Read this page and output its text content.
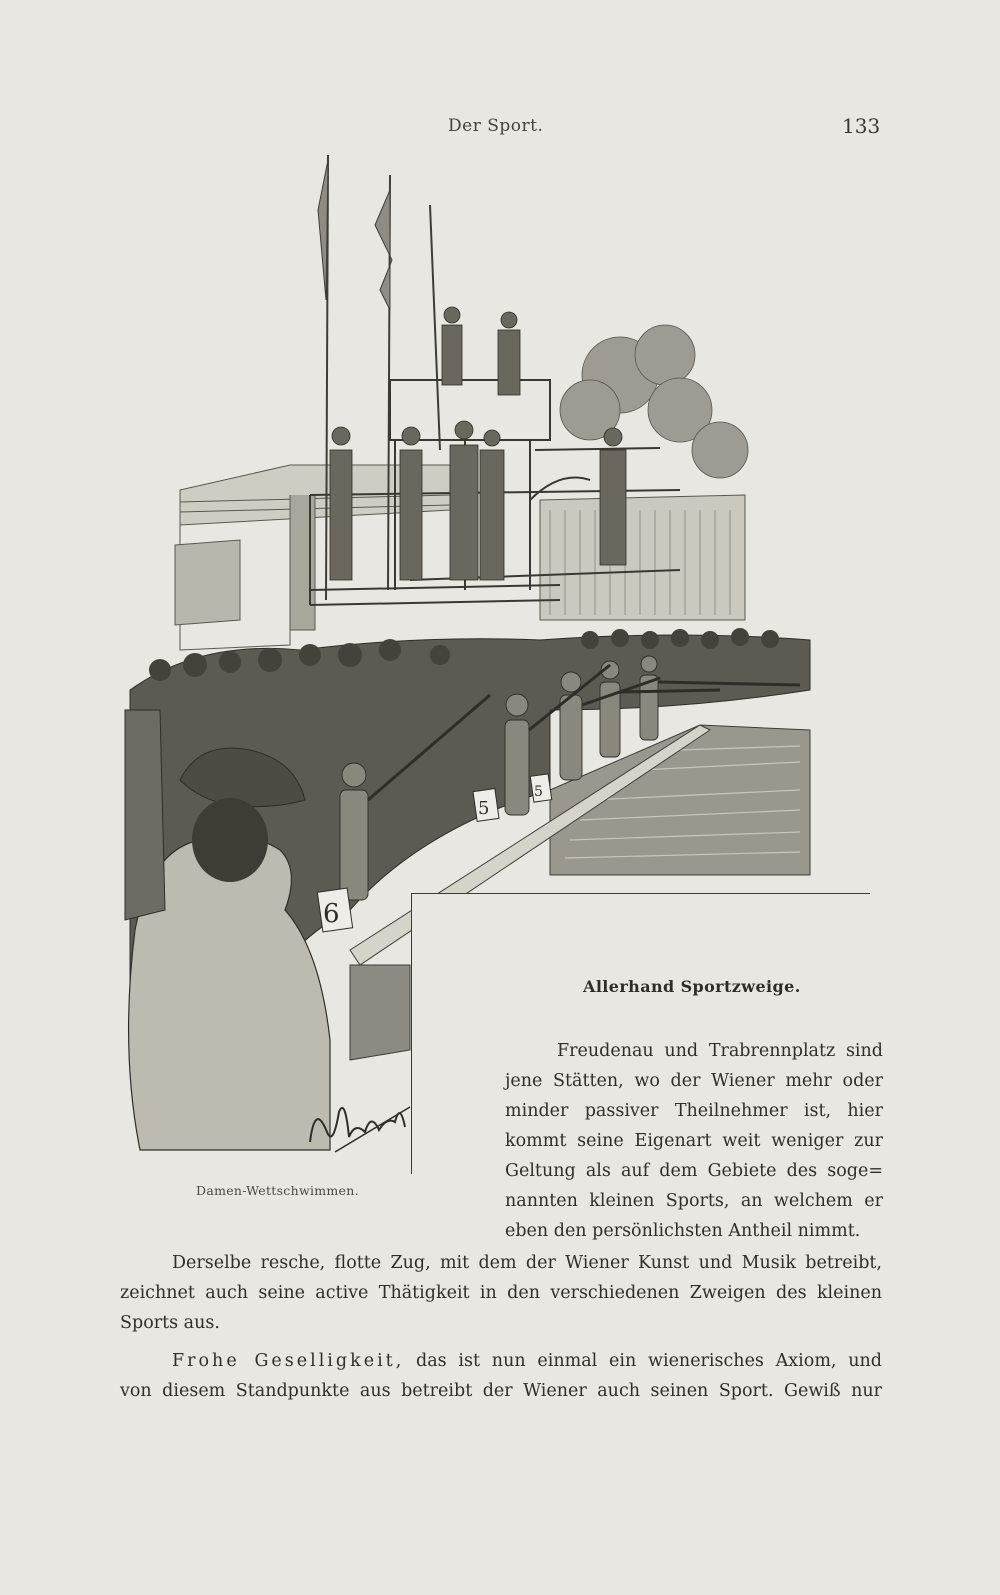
Der Sport.	133
6
5
5
Damen-Wettschwimmen.
Allerhand Sportzweige.
Freudenau und Trabrennplatz sind
jene Stätten, wo der Wiener mehr oder
minder passiver Theilnehmer ist, hier
kommt seine Eigenart weit weniger zur
Geltung als auf dem Gebiete des soge=
nannten kleinen Sports, an welchem er
eben den persönlichsten Antheil nimmt.
Derselbe resche, flotte Zug, mit dem der Wiener Kunst und Musik betreibt,
zeichnet auch seine active Thätigkeit in den verschiedenen Zweigen des kleinen
Sports aus.
Frohe Geselligkeit, das ist nun einmal ein wienerisches Axiom, und
von diesem Standpunkte aus betreibt der Wiener auch seinen Sport. Gewiß nur
